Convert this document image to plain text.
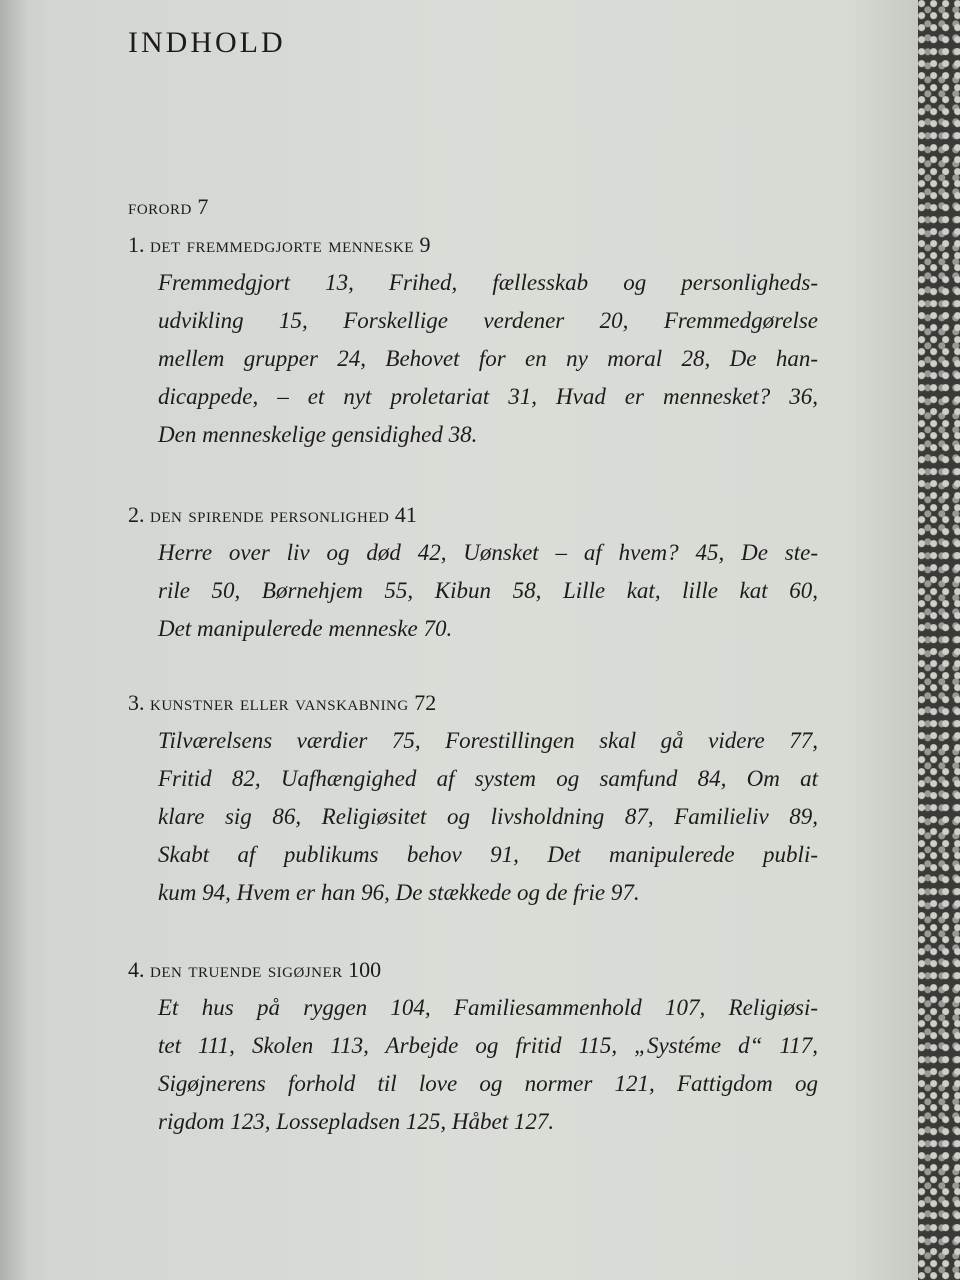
INDHOLD
forord 7
1. det fremmedgjorte menneske 9
Fremmedgjort 13, Frihed, fællesskab og personligheds-
udvikling 15, Forskellige verdener 20, Fremmedgørelse
mellem grupper 24, Behovet for en ny moral 28, De han-
dicappede, – et nyt proletariat 31, Hvad er mennesket? 36,
Den menneskelige gensidighed 38.
2. den spirende personlighed 41
Herre over liv og død 42, Uønsket – af hvem? 45, De ste-
rile 50, Børnehjem 55, Kibun 58, Lille kat, lille kat 60,
Det manipulerede menneske 70.
3. kunstner eller vanskabning 72
Tilværelsens værdier 75, Forestillingen skal gå videre 77,
Fritid 82, Uafhængighed af system og samfund 84, Om at
klare sig 86, Religiøsitet og livsholdning 87, Familieliv 89,
Skabt af publikums behov 91, Det manipulerede publi-
kum 94, Hvem er han 96, De stækkede og de frie 97.
4. den truende sigøjner 100
Et hus på ryggen 104, Familiesammenhold 107, Religiøsi-
tet 111, Skolen 113, Arbejde og fritid 115, „Systéme d“ 117,
Sigøjnerens forhold til love og normer 121, Fattigdom og
rigdom 123, Lossepladsen 125, Håbet 127.
